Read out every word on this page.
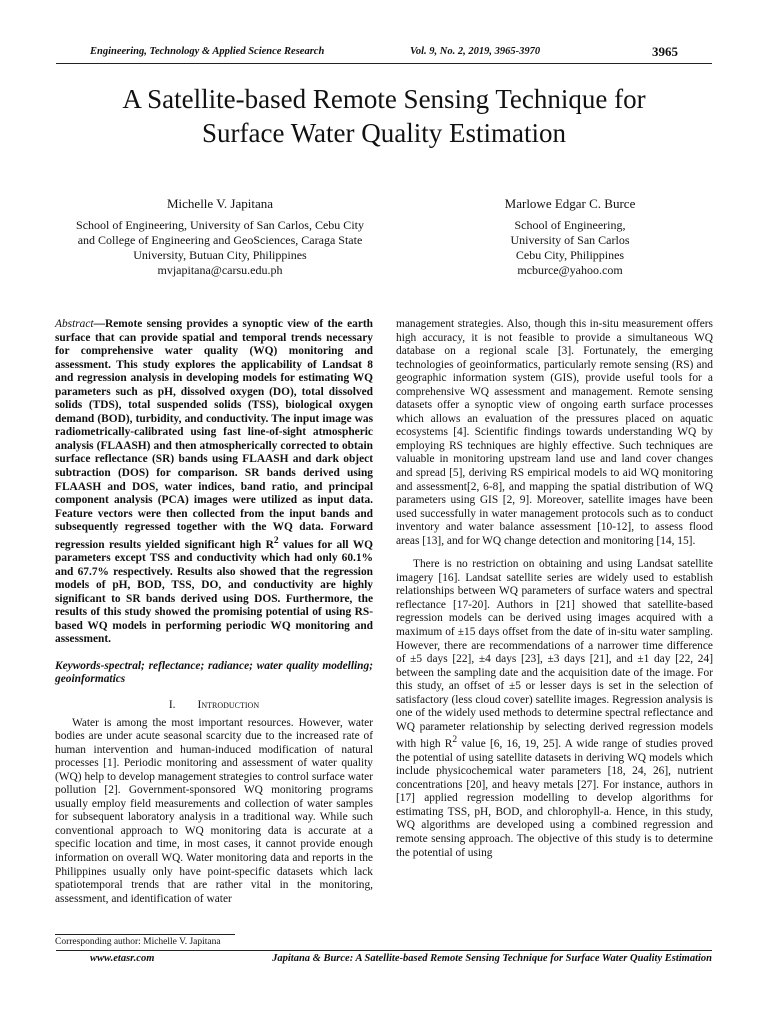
Engineering, Technology & Applied Science Research	Vol. 9, No. 2, 2019, 3965-3970	3965
A Satellite-based Remote Sensing Technique for
Surface Water Quality Estimation
Michelle V. Japitana
School of Engineering, University of San Carlos, Cebu City
and College of Engineering and GeoSciences, Caraga State
University, Butuan City, Philippines
mvjapitana@carsu.edu.ph
Marlowe Edgar C. Burce
School of Engineering,
University of San Carlos
Cebu City, Philippines
mcburce@yahoo.com
Abstract—Remote sensing provides a synoptic view of the earth surface that can provide spatial and temporal trends necessary for comprehensive water quality (WQ) monitoring and assessment. This study explores the applicability of Landsat 8 and regression analysis in developing models for estimating WQ parameters such as pH, dissolved oxygen (DO), total dissolved solids (TDS), total suspended solids (TSS), biological oxygen demand (BOD), turbidity, and conductivity. The input image was radiometrically-calibrated using fast line-of-sight atmospheric analysis (FLAASH) and then atmospherically corrected to obtain surface reflectance (SR) bands using FLAASH and dark object subtraction (DOS) for comparison. SR bands derived using FLAASH and DOS, water indices, band ratio, and principal component analysis (PCA) images were utilized as input data. Feature vectors were then collected from the input bands and subsequently regressed together with the WQ data. Forward regression results yielded significant high $R^2$ values for all WQ parameters except TSS and conductivity which had only 60.1% and 67.7% respectively. Results also showed that the regression models of pH, BOD, TSS, DO, and conductivity are highly significant to SR bands derived using DOS. Furthermore, the results of this study showed the promising potential of using RS-based WQ models in performing periodic WQ monitoring and assessment.
Keywords-spectral; reflectance; radiance; water quality modelling; geoinformatics
I. Introduction

Water is among the most important resources. However, water bodies are under acute seasonal scarcity due to the increased rate of human intervention and human-induced modification of natural processes [1]. Periodic monitoring and assessment of water quality (WQ) help to develop management strategies to control surface water pollution [2]. Government-sponsored WQ monitoring programs usually employ field measurements and collection of water samples for subsequent laboratory analysis in a traditional way. While such conventional approach to WQ monitoring data is accurate at a specific location and time, in most cases, it cannot provide enough information on overall WQ. Water monitoring data and reports in the Philippines usually only have point-specific datasets which lack spatiotemporal trends that are rather vital in the monitoring, assessment, and identification of water

management strategies. Also, though this in-situ measurement offers high accuracy, it is not feasible to provide a simultaneous WQ database on a regional scale [3]. Fortunately, the emerging technologies of geoinformatics, particularly remote sensing (RS) and geographic information system (GIS), provide useful tools for a comprehensive WQ assessment and management. Remote sensing datasets offer a synoptic view of ongoing earth surface processes which allows an evaluation of the pressures placed on aquatic ecosystems [4]. Scientific findings towards understanding WQ by employing RS techniques are highly effective. Such techniques are valuable in monitoring upstream land use and land cover changes and spread [5], deriving RS empirical models to aid WQ monitoring and assessment[2, 6-8], and mapping the spatial distribution of WQ parameters using GIS [2, 9]. Moreover, satellite images have been used successfully in water management protocols such as to conduct inventory and water balance assessment [10-12], to assess flood areas [13], and for WQ change detection and monitoring [14, 15].

There is no restriction on obtaining and using Landsat satellite imagery [16]. Landsat satellite series are widely used to establish relationships between WQ parameters of surface waters and spectral reflectance [17-20]. Authors in [21] showed that satellite-based regression models can be derived using images acquired with a maximum of ±15 days offset from the date of in-situ water sampling. However, there are recommendations of a narrower time difference of ±5 days [22], ±4 days [23], ±3 days [21], and ±1 day [22, 24] between the sampling date and the acquisition date of the image. For this study, an offset of ±5 or lesser days is set in the selection of satisfactory (less cloud cover) satellite images. Regression analysis is one of the widely used methods to determine spectral reflectance and WQ parameter relationship by selecting derived regression models with high $R^2$ value [6, 16, 19, 25]. A wide range of studies proved the potential of using satellite datasets in deriving WQ models which include physicochemical water parameters [18, 24, 26], nutrient concentrations [20], and heavy metals [27]. For instance, authors in [17] applied regression modelling to develop algorithms for estimating TSS, pH, BOD, and chlorophyll-a. Hence, in this study, WQ algorithms are developed using a combined regression and remote sensing approach. The objective of this study is to determine the potential of using

Corresponding author: Michelle V. Japitana
www.etasr.com	Japitana & Burce: A Satellite-based Remote Sensing Technique for Surface Water Quality Estimation
